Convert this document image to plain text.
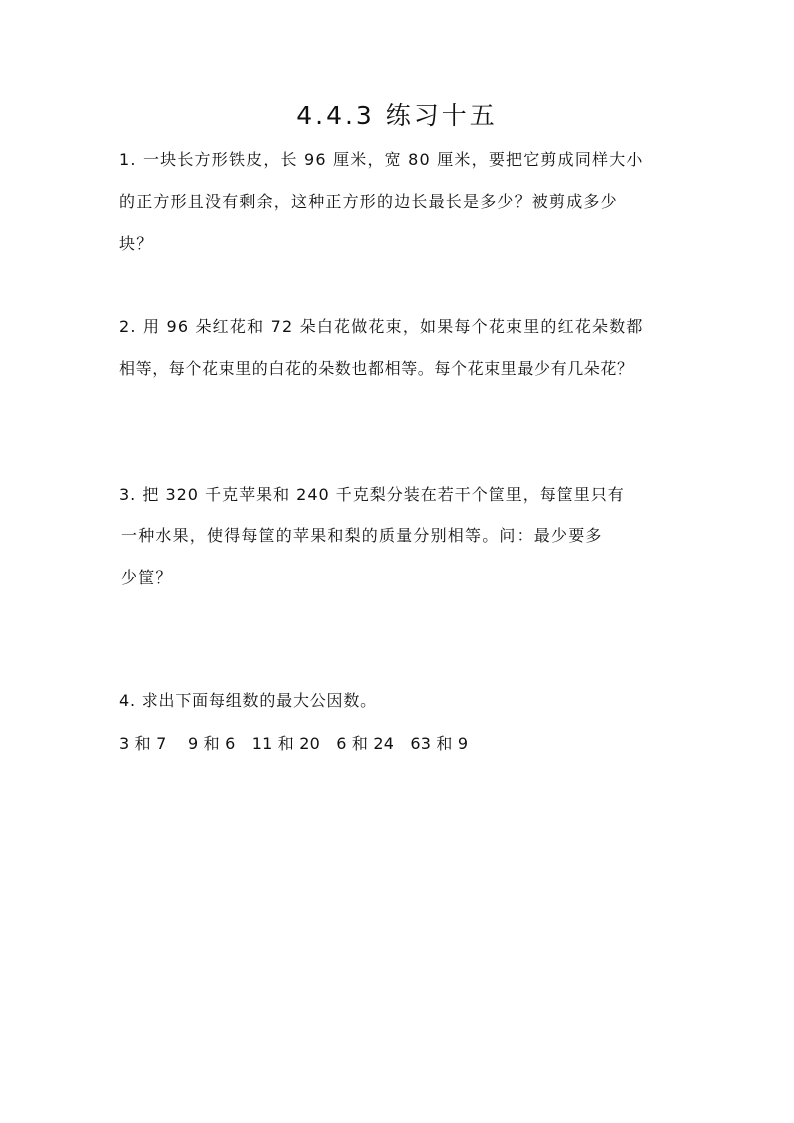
4.4.3 练习十五
1. 一块长方形铁皮，长 96 厘米，宽 80 厘米，要把它剪成同样大小
的正方形且没有剩余，这种正方形的边长最长是多少？被剪成多少
块？
2. 用 96 朵红花和 72 朵白花做花束，如果每个花束里的红花朵数都
相等，每个花束里的白花的朵数也都相等。每个花束里最少有几朵花？
3. 把 320 千克苹果和 240 千克梨分装在若干个筐里，每筐里只有
一种水果，使得每筐的苹果和梨的质量分别相等。问：最少要多
少筐？
4. 求出下面每组数的最大公因数。
3 和 7　 9 和 6　11 和 20　6 和 24　63 和 9
